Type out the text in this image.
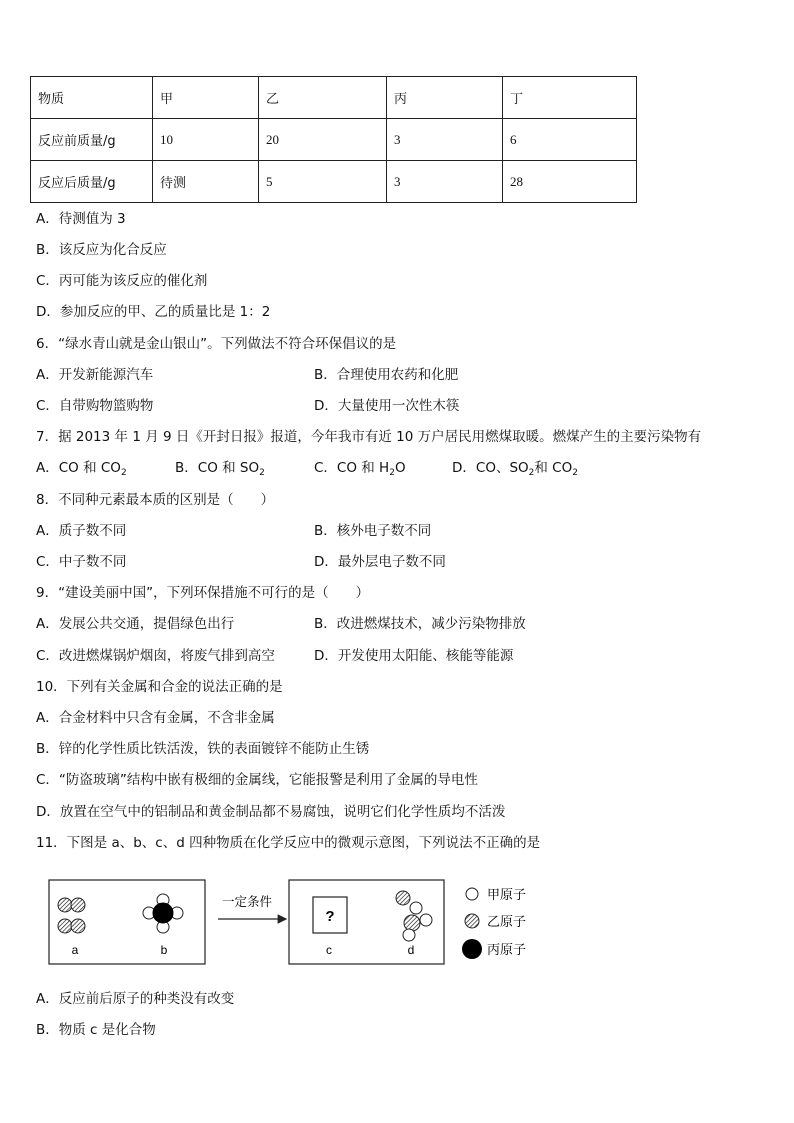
物质	甲	乙	丙	丁
反应前质量/g	10	20	3	6
反应后质量/g	待测	5	3	28
A．待测值为 3
B．该反应为化合反应
C．丙可能为该反应的催化剂
D．参加反应的甲、乙的质量比是 1：2
6．“绿水青山就是金山银山”。下列做法不符合环保倡议的是
A．开发新能源汽车	B．合理使用农药和化肥
C．自带购物篮购物	D．大量使用一次性木筷
7．据 2013 年 1 月 9 日《开封日报》报道，今年我市有近 10 万户居民用燃煤取暖。燃煤产生的主要污染物有
A．CO 和 $CO_2$	B．CO 和 $SO_2$	C．CO 和 $H_2O$	D．CO、$SO_2$和 $CO_2$
8．不同种元素最本质的区别是（　　）
A．质子数不同	B．核外电子数不同
C．中子数不同	D．最外层电子数不同
9．“建设美丽中国”，下列环保措施不可行的是（　　）
A．发展公共交通，提倡绿色出行	B．改进燃煤技术，减少污染物排放
C．改进燃煤锅炉烟囱，将废气排到高空	D．开发使用太阳能、核能等能源
10．下列有关金属和合金的说法正确的是
A．合金材料中只含有金属，不含非金属
B．锌的化学性质比铁活泼，铁的表面镀锌不能防止生锈
C．“防盗玻璃”结构中嵌有极细的金属线，它能报警是利用了金属的导电性
D．放置在空气中的铝制品和黄金制品都不易腐蚀，说明它们化学性质均不活泼
11．下图是 a、b、c、d 四种物质在化学反应中的微观示意图，下列说法不正确的是
a	b
一定条件
?
c	d
甲原子
乙原子
丙原子
A．反应前后原子的种类没有改变
B．物质 c 是化合物
